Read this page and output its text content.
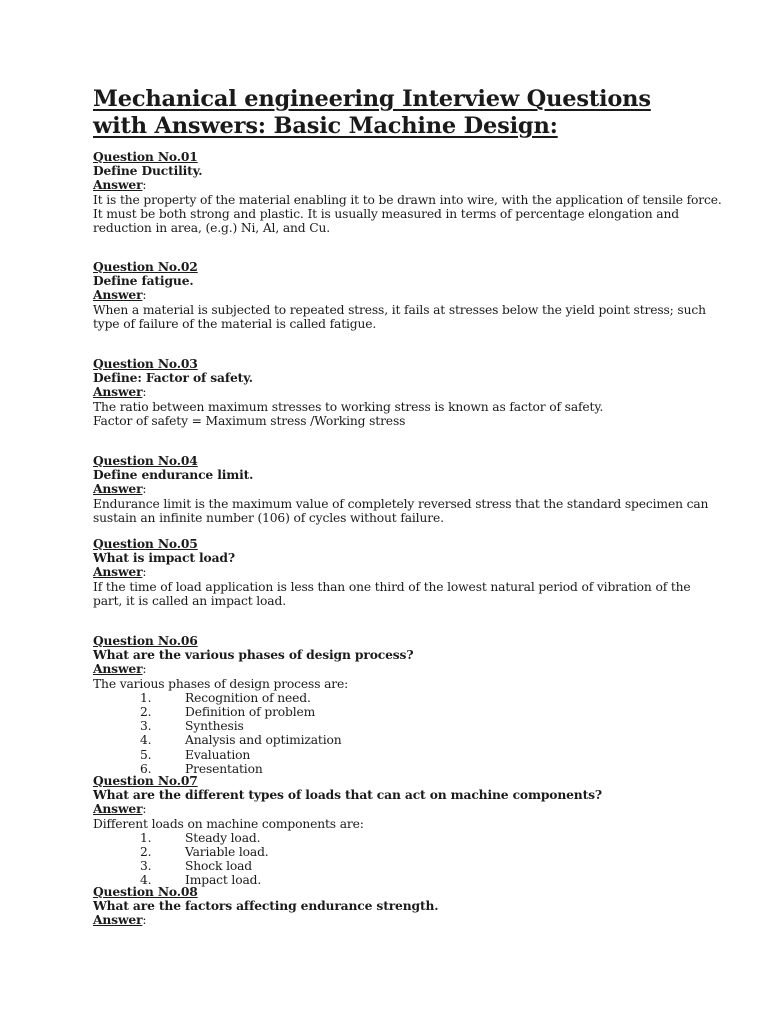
Mechanical engineering Interview Questions with Answers: Basic Machine Design:
Question No.01
Define Ductility.
Answer:
It is the property of the material enabling it to be drawn into wire, with the application of tensile force.
It must be both strong and plastic. It is usually measured in terms of percentage elongation and
reduction in area, (e.g.) Ni, Al, and Cu.
Question No.02
Define fatigue.
Answer:
When a material is subjected to repeated stress, it fails at stresses below the yield point stress; such
type of failure of the material is called fatigue.
Question No.03
Define: Factor of safety.
Answer:
The ratio between maximum stresses to working stress is known as factor of safety.
Factor of safety = Maximum stress /Working stress
Question No.04
Define endurance limit.
Answer:
Endurance limit is the maximum value of completely reversed stress that the standard specimen can
sustain an infinite number (106) of cycles without failure.
Question No.05
What is impact load?
Answer:
If the time of load application is less than one third of the lowest natural period of vibration of the
part, it is called an impact load.
Question No.06
What are the various phases of design process?
Answer:
The various phases of design process are:
1.	Recognition of need.
2.	Definition of problem
3.	Synthesis
4.	Analysis and optimization
5.	Evaluation
6.	Presentation
Question No.07
What are the different types of loads that can act on machine components?
Answer:
Different loads on machine components are:
1.	Steady load.
2.	Variable load.
3.	Shock load
4.	Impact load.
Question No.08
What are the factors affecting endurance strength.
Answer:
